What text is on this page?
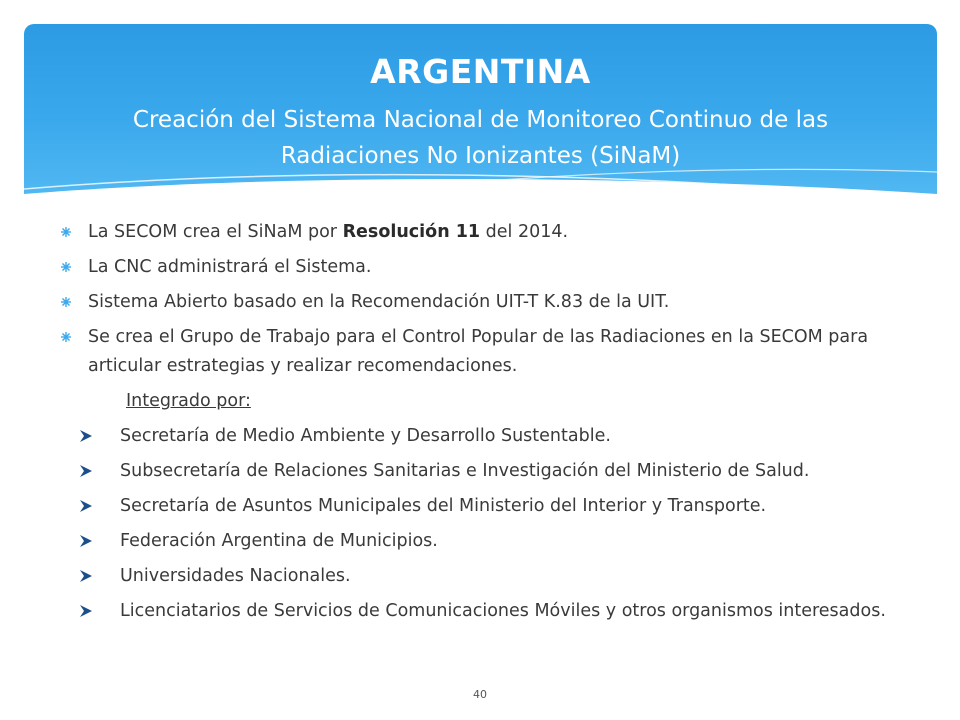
ARGENTINA
Creación del Sistema Nacional de Monitoreo Continuo de las Radiaciones No Ionizantes (SiNaM)
La SECOM crea el SiNaM por Resolución 11 del 2014.
La CNC administrará el Sistema.
Sistema Abierto basado en la Recomendación UIT-T K.83 de la UIT.
Se crea el Grupo de Trabajo para el Control Popular de las Radiaciones en la SECOM para articular estrategias y realizar recomendaciones.
Integrado por:
Secretaría de Medio Ambiente y Desarrollo Sustentable.
Subsecretaría de Relaciones Sanitarias e Investigación del Ministerio de Salud.
Secretaría de Asuntos Municipales del Ministerio del Interior y Transporte.
Federación Argentina de Municipios.
Universidades Nacionales.
Licenciatarios de Servicios de Comunicaciones Móviles y otros organismos interesados.
40
